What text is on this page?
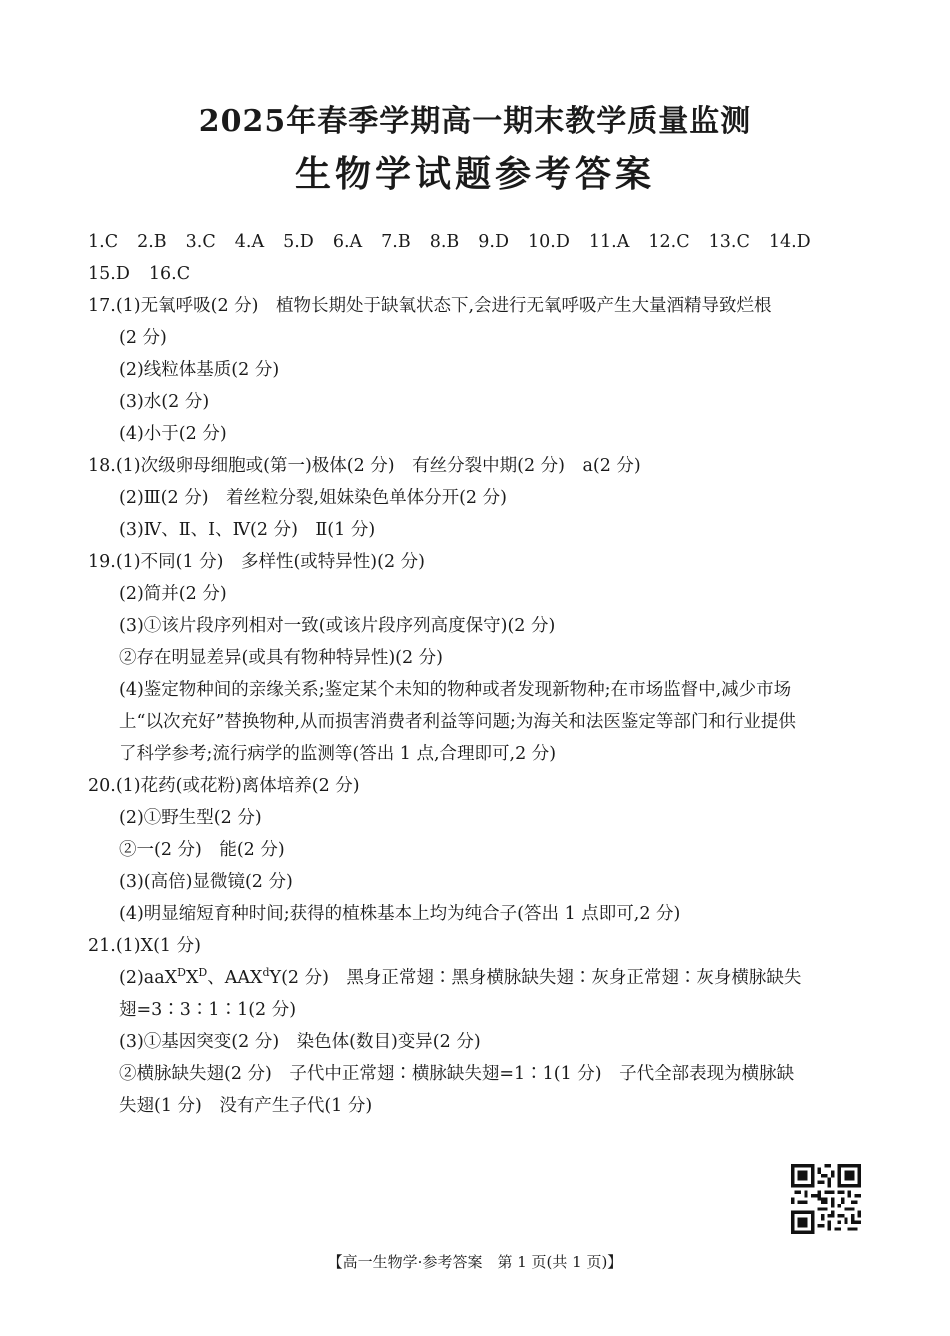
2025年春季学期高一期末教学质量监测
生物学试题参考答案
1.C 2.B 3.C 4.A 5.D 6.A 7.B 8.B 9.D 10.D 11.A 12.C 13.C 14.D
15.D 16.C
17.(1)无氧呼吸(2 分)　植物长期处于缺氧状态下,会进行无氧呼吸产生大量酒精导致烂根
(2 分)
(2)线粒体基质(2 分)
(3)水(2 分)
(4)小于(2 分)
18.(1)次级卵母细胞或(第一)极体(2 分)　有丝分裂中期(2 分)　a(2 分)
(2)Ⅲ(2 分)　着丝粒分裂,姐妹染色单体分开(2 分)
(3)Ⅳ、Ⅱ、Ⅰ、Ⅳ(2 分)　Ⅱ(1 分)
19.(1)不同(1 分)　多样性(或特异性)(2 分)
(2)简并(2 分)
(3)①该片段序列相对一致(或该片段序列高度保守)(2 分)
②存在明显差异(或具有物种特异性)(2 分)
(4)鉴定物种间的亲缘关系;鉴定某个未知的物种或者发现新物种;在市场监督中,减少市场
上“以次充好”替换物种,从而损害消费者利益等问题;为海关和法医鉴定等部门和行业提供
了科学参考;流行病学的监测等(答出 1 点,合理即可,2 分)
20.(1)花药(或花粉)离体培养(2 分)
(2)①野生型(2 分)
②一(2 分)　能(2 分)
(3)(高倍)显微镜(2 分)
(4)明显缩短育种时间;获得的植株基本上均为纯合子(答出 1 点即可,2 分)
21.(1)X(1 分)
$(2)aaX^DX^D$、AAX$^d$Y(2 分)　黑身正常翅∶黑身横脉缺失翅∶灰身正常翅∶灰身横脉缺失
翅=3∶3∶1∶1(2 分)
(3)①基因突变(2 分)　染色体(数目)变异(2 分)
②横脉缺失翅(2 分)　子代中正常翅∶横脉缺失翅=1∶1(1 分)　子代全部表现为横脉缺
失翅(1 分)　没有产生子代(1 分)
【高一生物学·参考答案　第 1 页(共 1 页)】
